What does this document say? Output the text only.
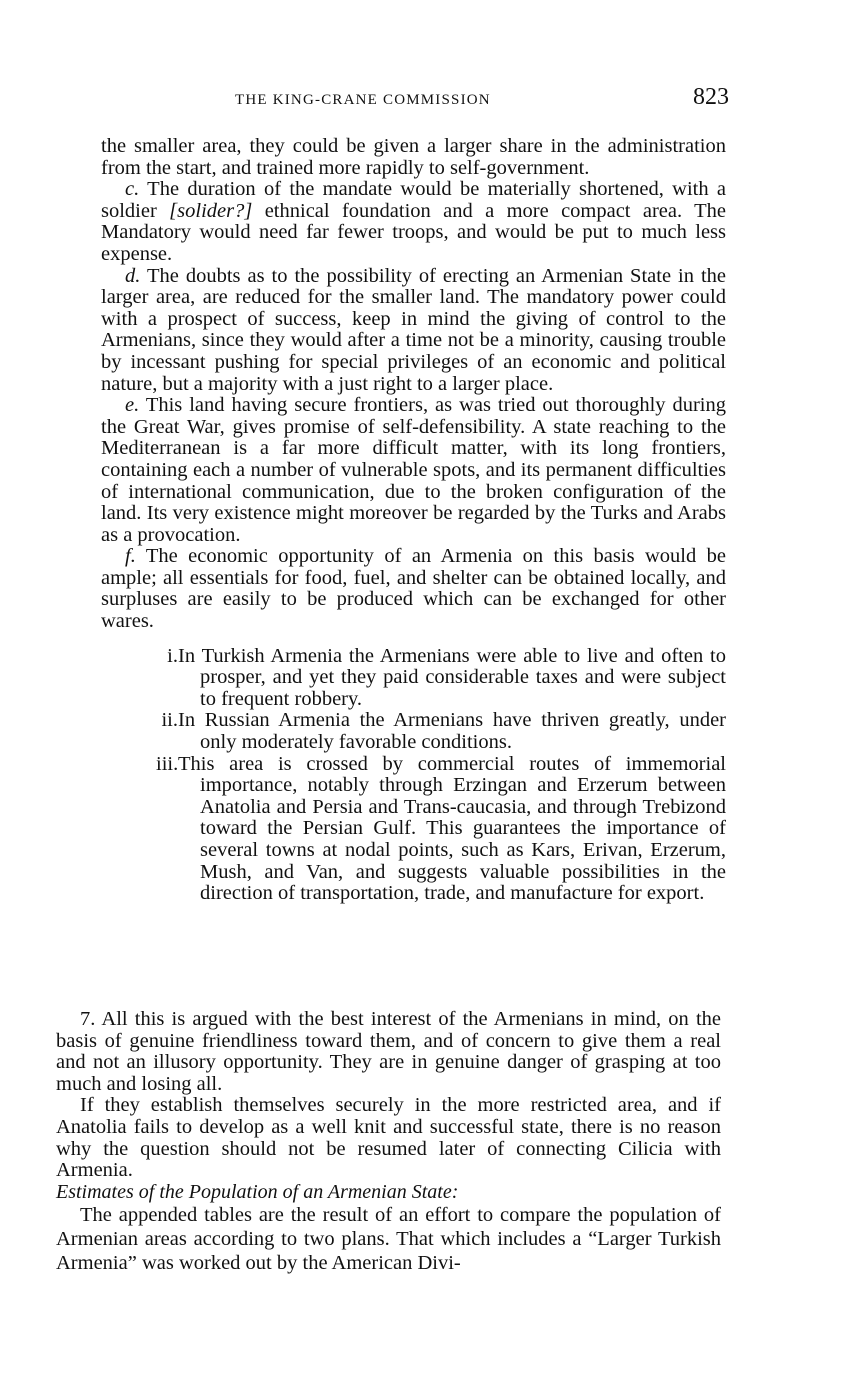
THE KING-CRANE COMMISSION	823

the smaller area, they could be given a larger share in the administration from the start, and trained more rapidly to self-government.

c. The duration of the mandate would be materially shortened, with a soldier [solider?] ethnical foundation and a more compact area. The Mandatory would need far fewer troops, and would be put to much less expense.

d. The doubts as to the possibility of erecting an Armenian State in the larger area, are reduced for the smaller land. The mandatory power could with a prospect of success, keep in mind the giving of control to the Armenians, since they would after a time not be a minority, causing trouble by incessant pushing for special privileges of an economic and political nature, but a majority with a just right to a larger place.

e. This land having secure frontiers, as was tried out thoroughly during the Great War, gives promise of self-defensibility. A state reaching to the Mediterranean is a far more difficult matter, with its long frontiers, containing each a number of vulnerable spots, and its permanent difficulties of international communication, due to the broken configuration of the land. Its very existence might moreover be regarded by the Turks and Arabs as a provocation.

f. The economic opportunity of an Armenia on this basis would be ample; all essentials for food, fuel, and shelter can be obtained locally, and surpluses are easily to be produced which can be exchanged for other wares.

i. In Turkish Armenia the Armenians were able to live and often to prosper, and yet they paid considerable taxes and were subject to frequent robbery.
ii. In Russian Armenia the Armenians have thriven greatly, under only moderately favorable conditions.
iii. This area is crossed by commercial routes of immemorial importance, notably through Erzingan and Erzerum between Anatolia and Persia and Trans-caucasia, and through Trebizond toward the Persian Gulf. This guarantees the importance of several towns at nodal points, such as Kars, Erivan, Erzerum, Mush, and Van, and suggests valuable possibilities in the direction of transportation, trade, and manufacture for export.

7. All this is argued with the best interest of the Armenians in mind, on the basis of genuine friendliness toward them, and of concern to give them a real and not an illusory opportunity. They are in genuine danger of grasping at too much and losing all.

If they establish themselves securely in the more restricted area, and if Anatolia fails to develop as a well knit and successful state, there is no reason why the question should not be resumed later of connecting Cilicia with Armenia.

Estimates of the Population of an Armenian State:

The appended tables are the result of an effort to compare the population of Armenian areas according to two plans. That which includes a “Larger Turkish Armenia” was worked out by the American Divi-
